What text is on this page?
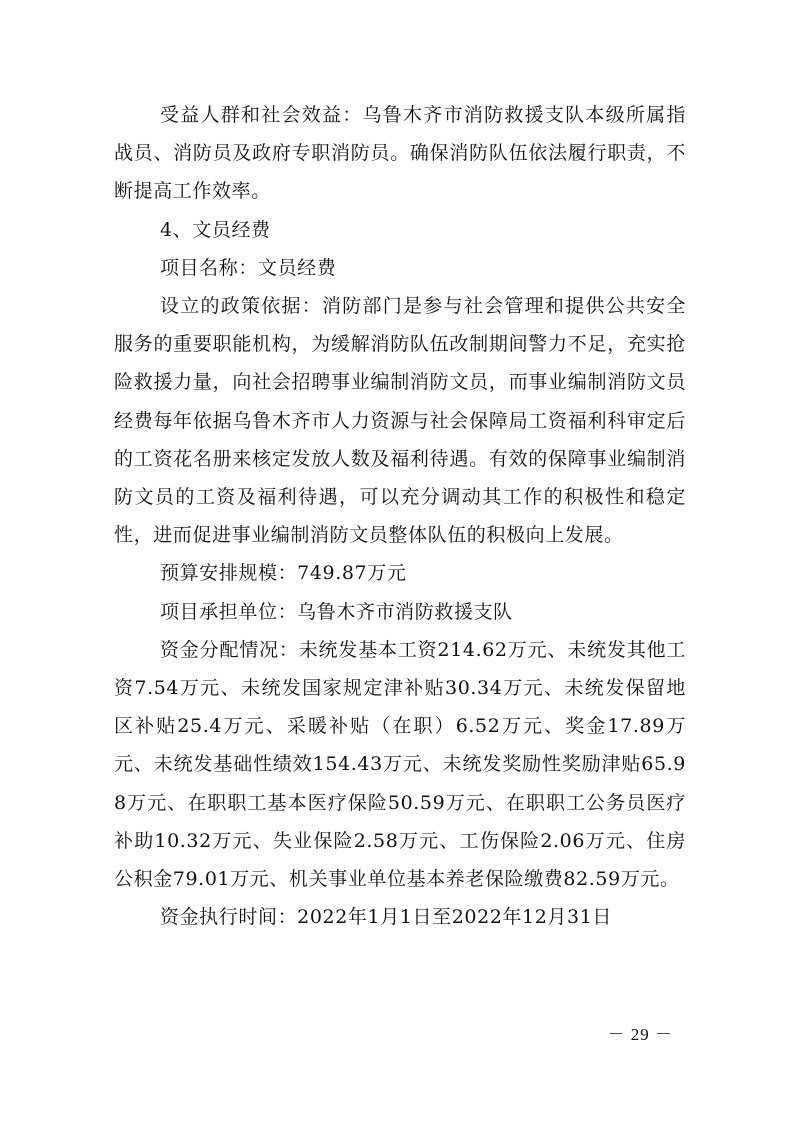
受益人群和社会效益：乌鲁木齐市消防救援支队本级所属指战员、消防员及政府专职消防员。确保消防队伍依法履行职责，不断提高工作效率。

4、文员经费

项目名称：文员经费

设立的政策依据：消防部门是参与社会管理和提供公共安全服务的重要职能机构，为缓解消防队伍改制期间警力不足，充实抢险救援力量，向社会招聘事业编制消防文员，而事业编制消防文员经费每年依据乌鲁木齐市人力资源与社会保障局工资福利科审定后的工资花名册来核定发放人数及福利待遇。有效的保障事业编制消防文员的工资及福利待遇，可以充分调动其工作的积极性和稳定性，进而促进事业编制消防文员整体队伍的积极向上发展。

预算安排规模：749.87万元

项目承担单位：乌鲁木齐市消防救援支队

资金分配情况：未统发基本工资214.62万元、未统发其他工资7.54万元、未统发国家规定津补贴30.34万元、未统发保留地区补贴25.4万元、采暖补贴（在职）6.52万元、奖金17.89万元、未统发基础性绩效154.43万元、未统发奖励性奖励津贴65.98万元、在职职工基本医疗保险50.59万元、在职职工公务员医疗补助10.32万元、失业保险2.58万元、工伤保险2.06万元、住房公积金79.01万元、机关事业单位基本养老保险缴费82.59万元。

资金执行时间：2022年1月1日至2022年12月31日

－ 29 －
